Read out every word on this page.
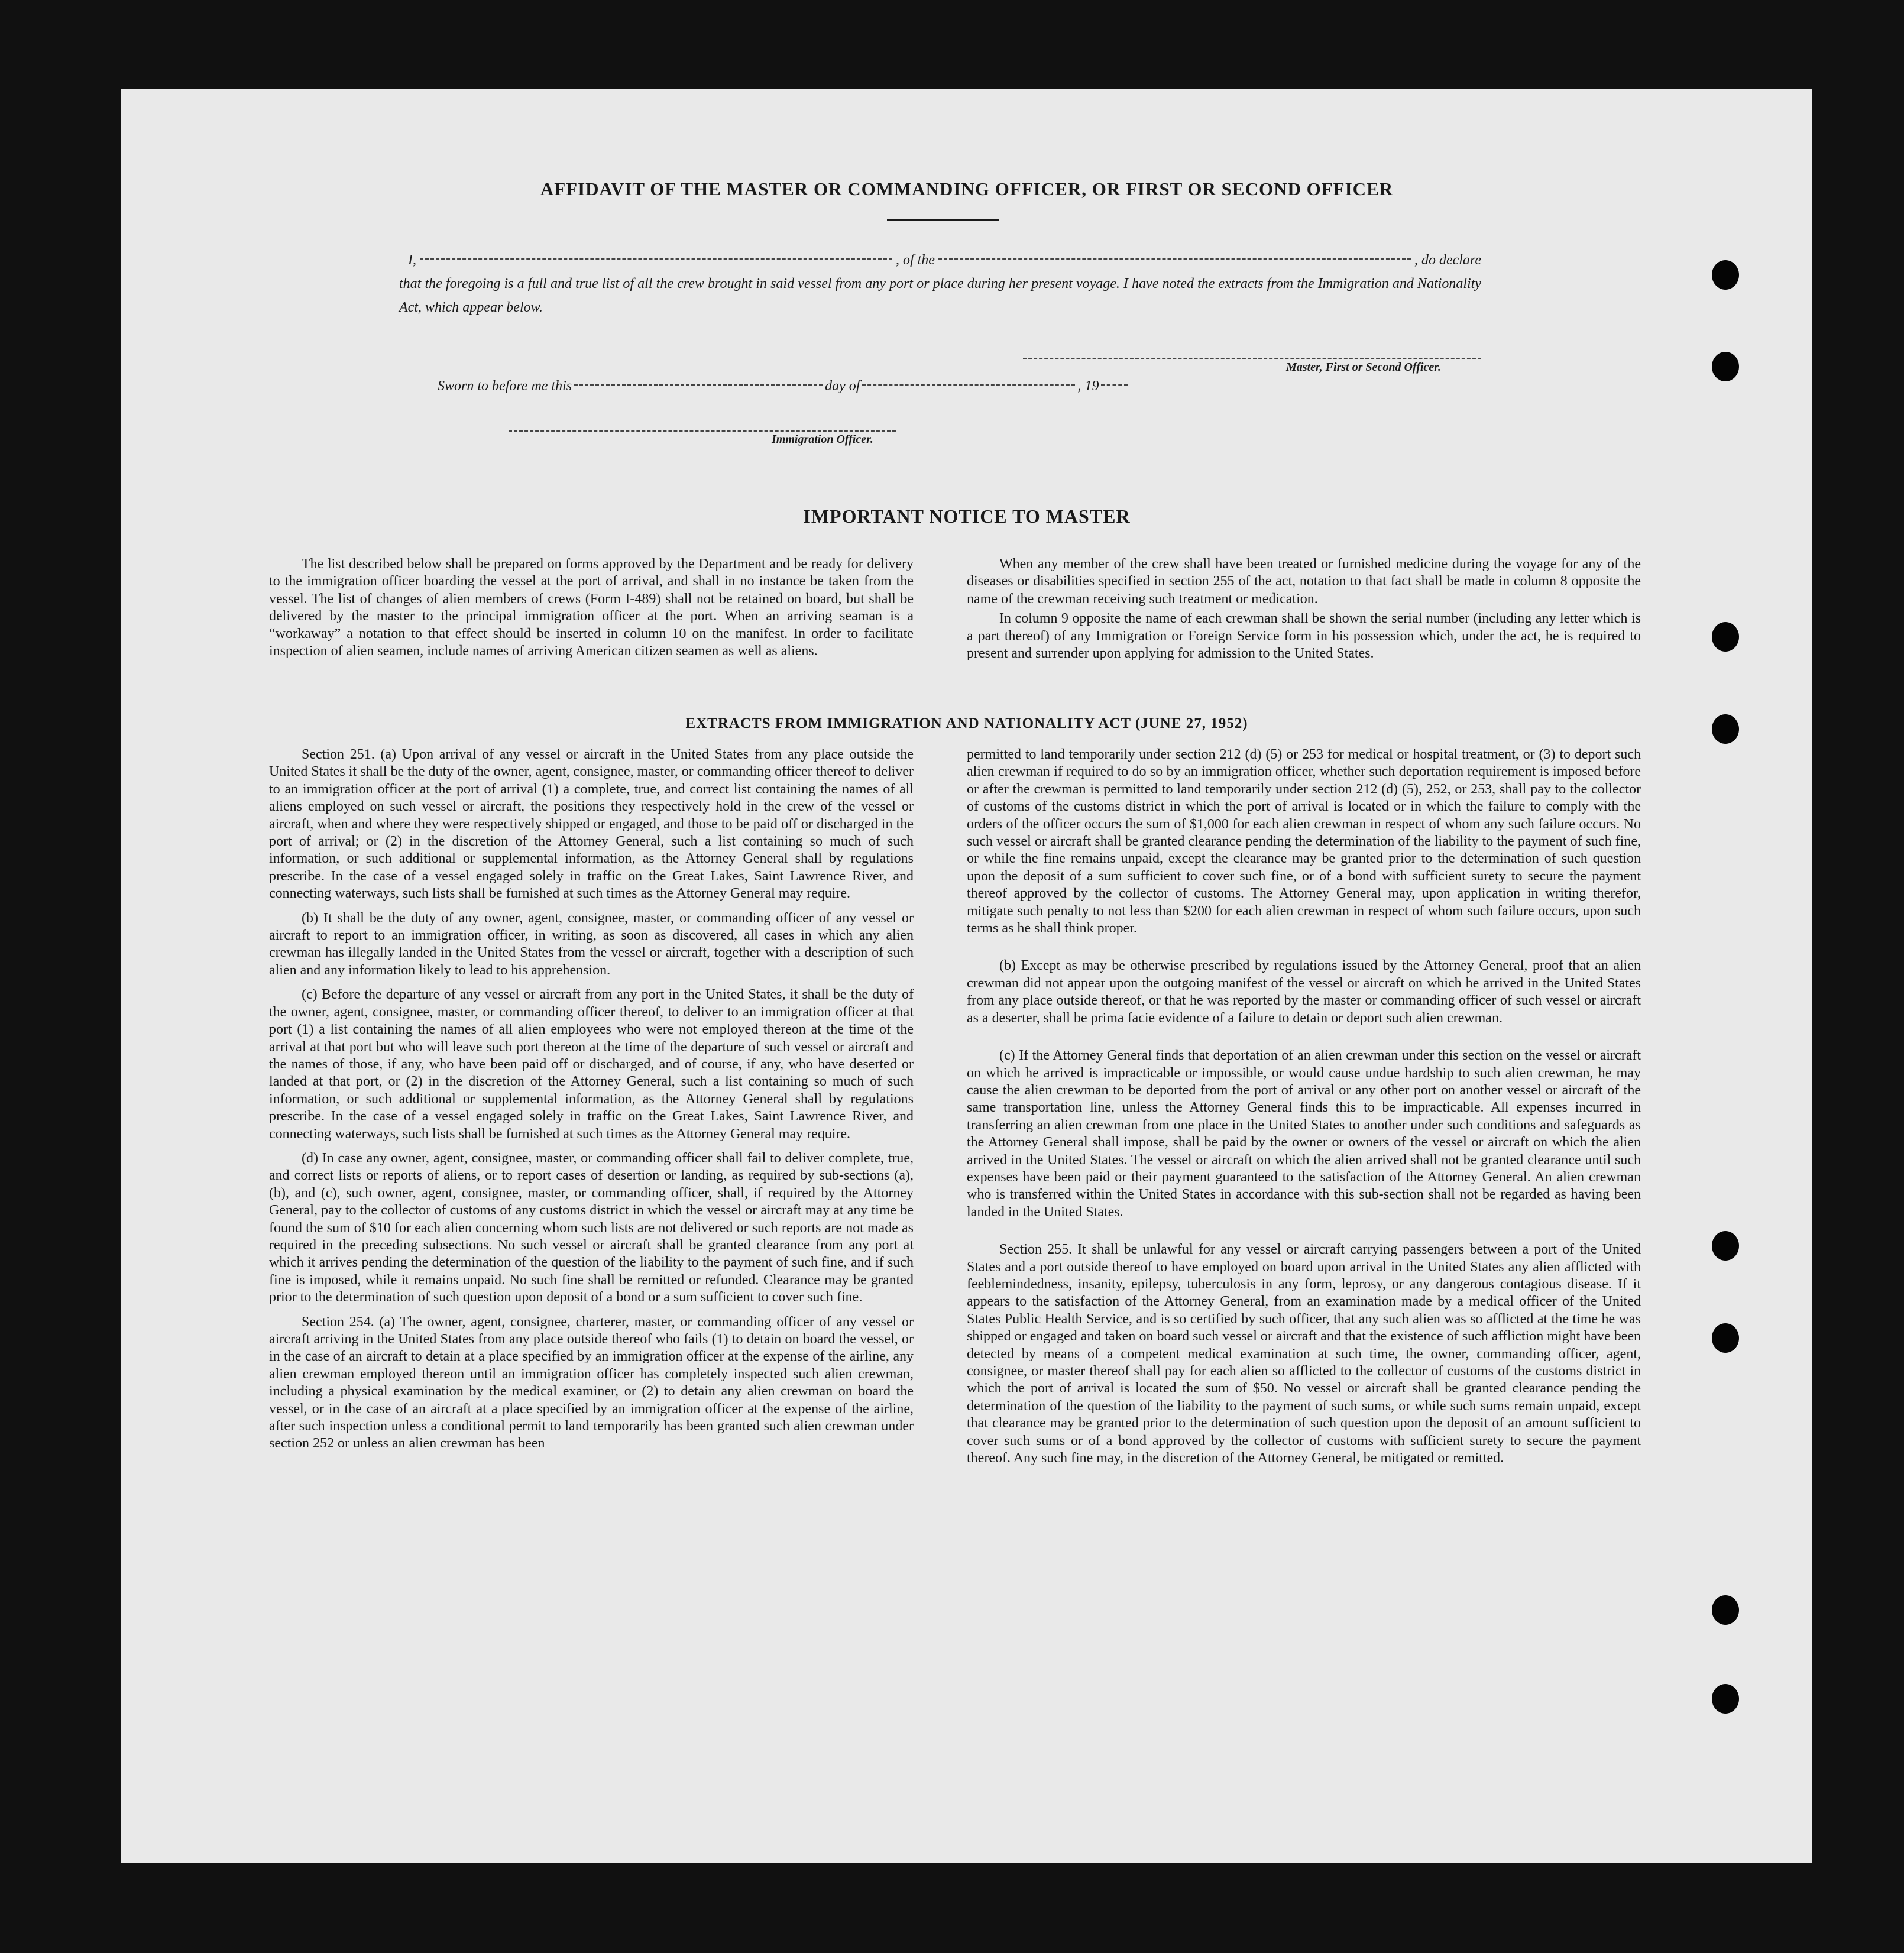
AFFIDAVIT OF THE MASTER OR COMMANDING OFFICER, OR FIRST OR SECOND OFFICER
I,	, of the	, do declare
that the foregoing is a full and true list of all the crew brought in said vessel from any port or place during her present voyage. I have noted the extracts from the Immigration and Nationality Act, which appear below.
Master, First or Second Officer.
Sworn to before me this	day of	, 19
Immigration Officer.
IMPORTANT NOTICE TO MASTER

The list described below shall be prepared on forms approved by the Department and be ready for delivery to the immigration officer boarding the vessel at the port of arrival, and shall in no instance be taken from the vessel. The list of changes of alien members of crews (Form I-489) shall not be retained on board, but shall be delivered by the master to the principal immigration officer at the port. When an arriving seaman is a “workaway” a notation to that effect should be inserted in column 10 on the manifest. In order to facilitate inspection of alien seamen, include names of arriving American citizen seamen as well as aliens.

When any member of the crew shall have been treated or furnished medicine during the voyage for any of the diseases or disabilities specified in section 255 of the act, notation to that fact shall be made in column 8 opposite the name of the crewman receiving such treatment or medication.

In column 9 opposite the name of each crewman shall be shown the serial number (including any letter which is a part thereof) of any Immigration or Foreign Service form in his possession which, under the act, he is required to present and surrender upon applying for admission to the United States.

EXTRACTS FROM IMMIGRATION AND NATIONALITY ACT (JUNE 27, 1952)

Section 251. (a) Upon arrival of any vessel or aircraft in the United States from any place outside the United States it shall be the duty of the owner, agent, consignee, master, or commanding officer thereof to deliver to an immigration officer at the port of arrival (1) a complete, true, and correct list containing the names of all aliens employed on such vessel or aircraft, the positions they respectively hold in the crew of the vessel or aircraft, when and where they were respectively shipped or engaged, and those to be paid off or discharged in the port of arrival; or (2) in the discretion of the Attorney General, such a list containing so much of such information, or such additional or supplemental information, as the Attorney General shall by regulations prescribe. In the case of a vessel engaged solely in traffic on the Great Lakes, Saint Lawrence River, and connecting waterways, such lists shall be furnished at such times as the Attorney General may require.

(b) It shall be the duty of any owner, agent, consignee, master, or commanding officer of any vessel or aircraft to report to an immigration officer, in writing, as soon as discovered, all cases in which any alien crewman has illegally landed in the United States from the vessel or aircraft, together with a description of such alien and any information likely to lead to his apprehension.

(c) Before the departure of any vessel or aircraft from any port in the United States, it shall be the duty of the owner, agent, consignee, master, or commanding officer thereof, to deliver to an immigration officer at that port (1) a list containing the names of all alien employees who were not employed thereon at the time of the arrival at that port but who will leave such port thereon at the time of the departure of such vessel or aircraft and the names of those, if any, who have been paid off or discharged, and of course, if any, who have deserted or landed at that port, or (2) in the discretion of the Attorney General, such a list containing so much of such information, or such additional or supplemental information, as the Attorney General shall by regulations prescribe. In the case of a vessel engaged solely in traffic on the Great Lakes, Saint Lawrence River, and connecting waterways, such lists shall be furnished at such times as the Attorney General may require.

(d) In case any owner, agent, consignee, master, or commanding officer shall fail to deliver complete, true, and correct lists or reports of aliens, or to report cases of desertion or landing, as required by sub-sections (a), (b), and (c), such owner, agent, consignee, master, or commanding officer, shall, if required by the Attorney General, pay to the collector of customs of any customs district in which the vessel or aircraft may at any time be found the sum of $10 for each alien concerning whom such lists are not delivered or such reports are not made as required in the preceding subsections. No such vessel or aircraft shall be granted clearance from any port at which it arrives pending the determination of the question of the liability to the payment of such fine, and if such fine is imposed, while it remains unpaid. No such fine shall be remitted or refunded. Clearance may be granted prior to the determination of such question upon deposit of a bond or a sum sufficient to cover such fine.

Section 254. (a) The owner, agent, consignee, charterer, master, or commanding officer of any vessel or aircraft arriving in the United States from any place outside thereof who fails (1) to detain on board the vessel, or in the case of an aircraft to detain at a place specified by an immigration officer at the expense of the airline, any alien crewman employed thereon until an immigration officer has completely inspected such alien crewman, including a physical examination by the medical examiner, or (2) to detain any alien crewman on board the vessel, or in the case of an aircraft at a place specified by an immigration officer at the expense of the airline, after such inspection unless a conditional permit to land temporarily has been granted such alien crewman under section 252 or unless an alien crewman has been

permitted to land temporarily under section 212 (d) (5) or 253 for medical or hospital treatment, or (3) to deport such alien crewman if required to do so by an immigration officer, whether such deportation requirement is imposed before or after the crewman is permitted to land temporarily under section 212 (d) (5), 252, or 253, shall pay to the collector of customs of the customs district in which the port of arrival is located or in which the failure to comply with the orders of the officer occurs the sum of $1,000 for each alien crewman in respect of whom any such failure occurs. No such vessel or aircraft shall be granted clearance pending the determination of the liability to the payment of such fine, or while the fine remains unpaid, except the clearance may be granted prior to the determination of such question upon the deposit of a sum sufficient to cover such fine, or of a bond with sufficient surety to secure the payment thereof approved by the collector of customs. The Attorney General may, upon application in writing therefor, mitigate such penalty to not less than $200 for each alien crewman in respect of whom such failure occurs, upon such terms as he shall think proper.

(b) Except as may be otherwise prescribed by regulations issued by the Attorney General, proof that an alien crewman did not appear upon the outgoing manifest of the vessel or aircraft on which he arrived in the United States from any place outside thereof, or that he was reported by the master or commanding officer of such vessel or aircraft as a deserter, shall be prima facie evidence of a failure to detain or deport such alien crewman.

(c) If the Attorney General finds that deportation of an alien crewman under this section on the vessel or aircraft on which he arrived is impracticable or impossible, or would cause undue hardship to such alien crewman, he may cause the alien crewman to be deported from the port of arrival or any other port on another vessel or aircraft of the same transportation line, unless the Attorney General finds this to be impracticable. All expenses incurred in transferring an alien crewman from one place in the United States to another under such conditions and safeguards as the Attorney General shall impose, shall be paid by the owner or owners of the vessel or aircraft on which the alien arrived in the United States. The vessel or aircraft on which the alien arrived shall not be granted clearance until such expenses have been paid or their payment guaranteed to the satisfaction of the Attorney General. An alien crewman who is transferred within the United States in accordance with this sub-section shall not be regarded as having been landed in the United States.

Section 255. It shall be unlawful for any vessel or aircraft carrying passengers between a port of the United States and a port outside thereof to have employed on board upon arrival in the United States any alien afflicted with feeblemindedness, insanity, epilepsy, tuberculosis in any form, leprosy, or any dangerous contagious disease. If it appears to the satisfaction of the Attorney General, from an examination made by a medical officer of the United States Public Health Service, and is so certified by such officer, that any such alien was so afflicted at the time he was shipped or engaged and taken on board such vessel or aircraft and that the existence of such affliction might have been detected by means of a competent medical examination at such time, the owner, commanding officer, agent, consignee, or master thereof shall pay for each alien so afflicted to the collector of customs of the customs district in which the port of arrival is located the sum of $50. No vessel or aircraft shall be granted clearance pending the determination of the question of the liability to the payment of such sums, or while such sums remain unpaid, except that clearance may be granted prior to the determination of such question upon the deposit of an amount sufficient to cover such sums or of a bond approved by the collector of customs with sufficient surety to secure the payment thereof. Any such fine may, in the discretion of the Attorney General, be mitigated or remitted.
